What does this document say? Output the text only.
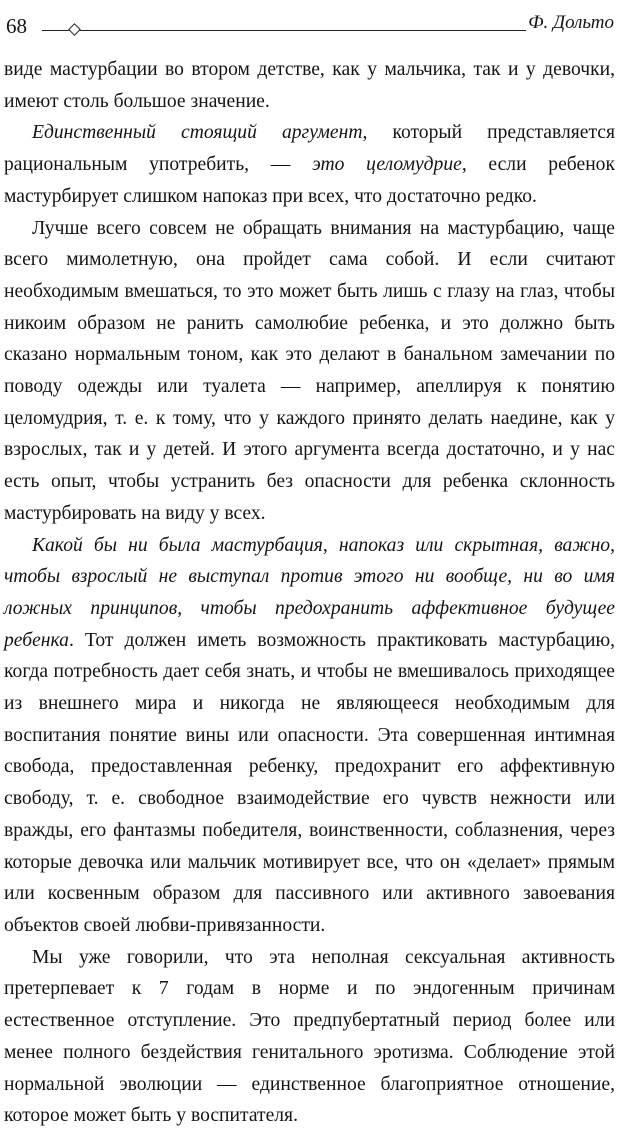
68	Ф. Дольто

виде мастурбации во втором детстве, как у мальчика, так и у девочки, имеют столь большое значение.

Единственный стоящий аргумент, который представляется рациональным употребить, — это целомудрие, если ребенок мастурбирует слишком напоказ при всех, что достаточно редко.

Лучше всего совсем не обращать внимания на мастурбацию, чаще всего мимолетную, она пройдет сама собой. И если считают необходимым вмешаться, то это может быть лишь с глазу на глаз, чтобы никоим образом не ранить самолюбие ребенка, и это должно быть сказано нормальным тоном, как это делают в банальном замечании по поводу одежды или туалета — например, апеллируя к понятию целомудрия, т. е. к тому, что у каждого принято делать наедине, как у взрослых, так и у детей. И этого аргумента всегда достаточно, и у нас есть опыт, чтобы устранить без опасности для ребенка склонность мастурбировать на виду у всех.

Какой бы ни была мастурбация, напоказ или скрытная, важно, чтобы взрослый не выступал против этого ни вообще, ни во имя ложных принципов, чтобы предохранить аффективное будущее ребенка. Тот должен иметь возможность практиковать мастурбацию, когда потребность дает себя знать, и чтобы не вмешивалось приходящее из внешнего мира и никогда не являющееся необходимым для воспитания понятие вины или опасности. Эта совершенная интимная свобода, предоставленная ребенку, предохранит его аффективную свободу, т. е. свободное взаимодействие его чувств нежности или вражды, его фантазмы победителя, воинственности, соблазнения, через которые девочка или мальчик мотивирует все, что он «делает» прямым или косвенным образом для пассивного или активного завоевания объектов своей любви-привязанности.

Мы уже говорили, что эта неполная сексуальная активность претерпевает к 7 годам в норме и по эндогенным причинам естественное отступление. Это предпубертатный период более или менее полного бездействия генитального эротизма. Соблюдение этой нормальной эволюции — единственное благоприятное отношение, которое может быть у воспитателя.
